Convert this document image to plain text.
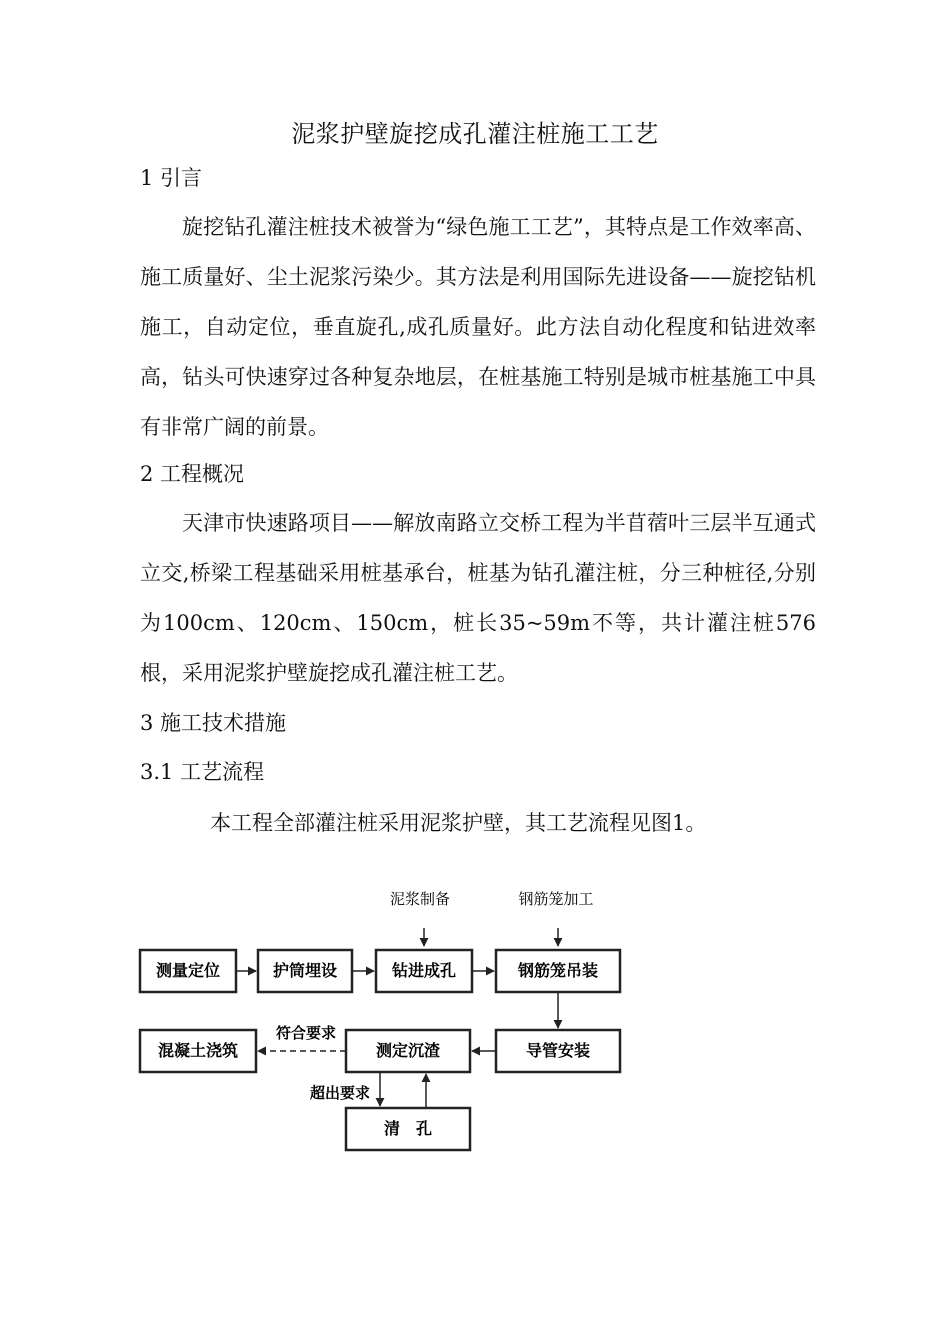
泥浆护壁旋挖成孔灌注桩施工工艺
1 引言

旋挖钻孔灌注桩技术被誉为“绿色施工工艺”，其特点是工作效率高、施工质量好、尘土泥浆污染少。其方法是利用国际先进设备——旋挖钻机施工，自动定位，垂直旋孔,成孔质量好。此方法自动化程度和钻进效率高，钻头可快速穿过各种复杂地层，在桩基施工特别是城市桩基施工中具有非常广阔的前景。

2 工程概况

天津市快速路项目——解放南路立交桥工程为半苜蓿叶三层半互通式立交,桥梁工程基础采用桩基承台，桩基为钻孔灌注桩，分三种桩径,分别为100cm、120cm、150cm，桩长35~59m不等，共计灌注桩576根，采用泥浆护壁旋挖成孔灌注桩工艺。

3 施工技术措施
3.1 工艺流程
本工程全部灌注桩采用泥浆护壁，其工艺流程见图1。
泥浆制备	钢筋笼加工
测量定位	护筒埋设	钻进成孔	钢筋笼吊装
导管安装
测定沉渣
混凝土浇筑
符合要求
超出要求
清　孔
